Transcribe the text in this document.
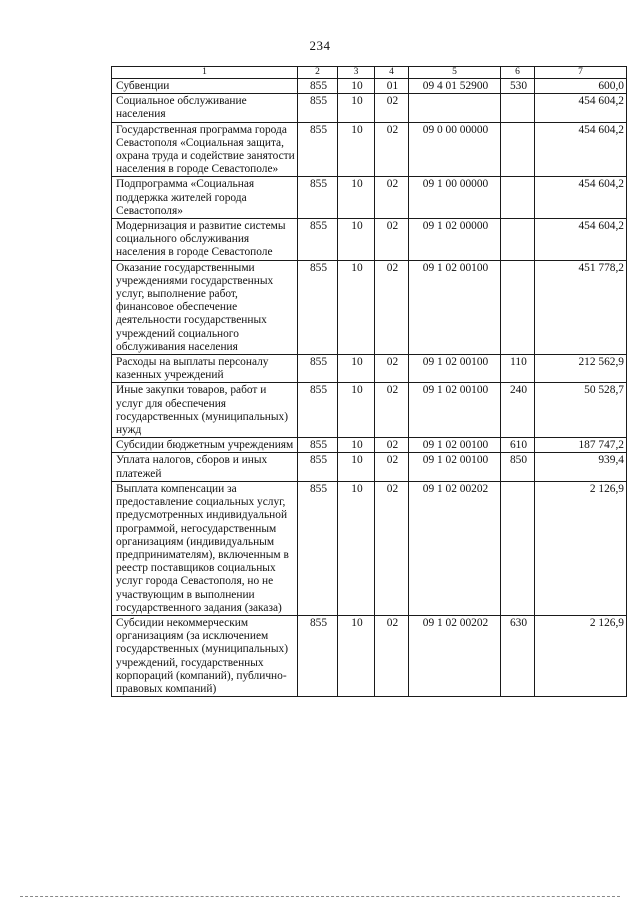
234
1	2	3	4	5	6	7
Субвенции	855	10	01	09 4 01 52900	530	600,0
Социальное обслуживание населения	855	10	02			454 604,2
Государственная программа города Севастополя «Социальная защита, охрана труда и содействие занятости населения в городе Севастополе»	855	10	02	09 0 00 00000		454 604,2
Подпрограмма «Социальная поддержка жителей города Севастополя»	855	10	02	09 1 00 00000		454 604,2
Модернизация и развитие системы социального обслуживания населения в городе Севастополе	855	10	02	09 1 02 00000		454 604,2
Оказание государственными учреждениями государственных услуг, выполнение работ, финансовое обеспечение деятельности государственных учреждений социального обслуживания населения	855	10	02	09 1 02 00100		451 778,2
Расходы на выплаты персоналу казенных учреждений	855	10	02	09 1 02 00100	110	212 562,9
Иные закупки товаров, работ и услуг для обеспечения государственных (муниципальных) нужд	855	10	02	09 1 02 00100	240	50 528,7
Субсидии бюджетным учреждениям	855	10	02	09 1 02 00100	610	187 747,2
Уплата налогов, сборов и иных платежей	855	10	02	09 1 02 00100	850	939,4
Выплата компенсации за предоставление социальных услуг, предусмотренных индивидуальной программой, негосударственным организациям (индивидуальным предпринимателям), включенным в реестр поставщиков социальных услуг города Севастополя, но не участвующим в выполнении государственного задания (заказа)	855	10	02	09 1 02 00202		2 126,9
Субсидии некоммерческим организациям (за исключением государственных (муниципальных) учреждений, государственных корпораций (компаний), публично-правовых компаний)	855	10	02	09 1 02 00202	630	2 126,9
